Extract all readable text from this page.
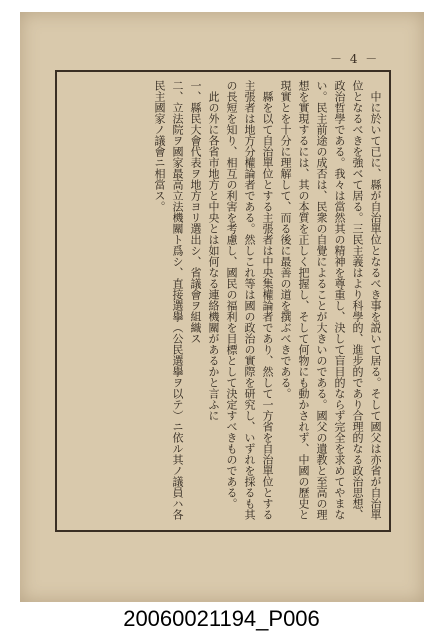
－ 4 －

中に於いて已に、縣が自治單位となるべき事を説いて居る。そして國父は亦省が自治單位となるべきを強ベて居る。三民主義はより科學的、進步的であり合理的なる政治思想、政治哲學である。我々は當然其の精神を尊重し、決して盲目的ならず完全を求めてやまない。民主前途の成否は、民衆の自覺によることが大きいのである。國父の遺教と至高の理想を實現するには、其の本質を正しく把握し、そして何物にも動かされず、中國の歷史と現實とを十分に理解して、而る後に最善の道を撰ぶべきである。

縣を以て自治單位とする主張者は中央集權論者であり、然して一方省を自治單位とする主張者は地方分權論者である。然しこれ等は國の政治の實際を研究し、いずれを採るも其の長短を知り、相互の利害を考慮し、國民の福利を目標として決定すべきものである。

此の外に各省市地方と中央とは如何なる連絡機關があるかと言ふに

一、縣民大會代表ヲ地方ヨリ選出シ、省議會ヲ組織ス

二、立法院ヲ國家最高立法機關ト爲シ、直接選擧（公民選擧ヲ以テ）ニ依ル其ノ議員ハ各民主國家ノ議會ニ相當ス。

20060021194_P006
